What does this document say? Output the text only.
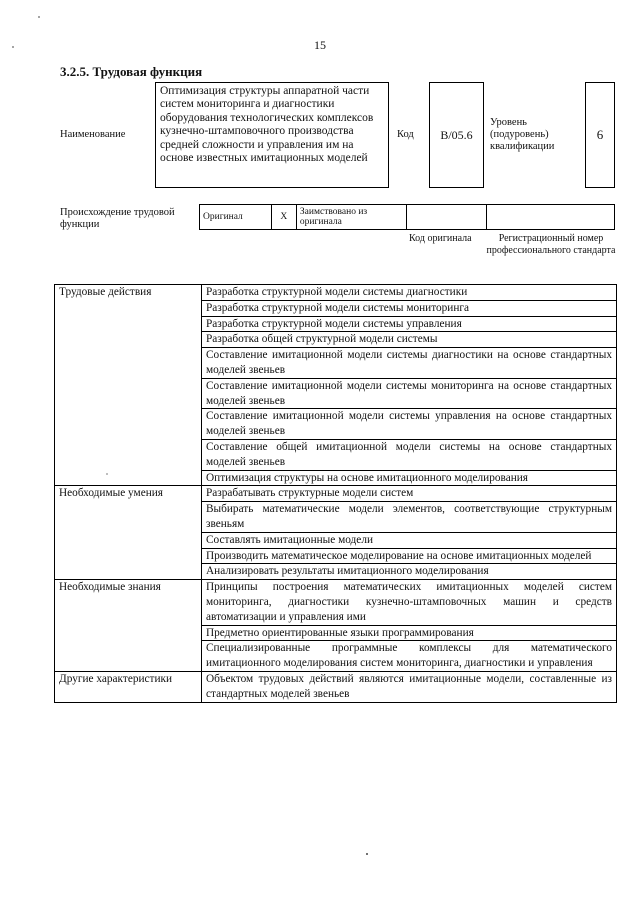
15
3.2.5. Трудовая функция
Наименование
Оптимизация структуры аппаратной части систем мониторинга и диагностики оборудования технологических комплексов кузнечно-штамповочного производства средней сложности и управления им на основе известных имитационных моделей
Код	B/05.6
Уровень
(подуровень)
квалификации
6
Происхождение трудовой функции
Оригинал	X	Заимствовано из оригинала		
Код оригинала	Регистрационный номер профессионального стандарта
Трудовые действия	Разработка структурной модели системы диагностики
	Разработка структурной модели системы мониторинга
	Разработка структурной модели системы управления
	Разработка общей структурной модели системы
	Составление имитационной модели системы диагностики на основе стандартных моделей звеньев
	Составление имитационной модели системы мониторинга на основе стандартных моделей звеньев
	Составление имитационной модели системы управления на основе стандартных моделей звеньев
	Составление общей имитационной модели системы на основе стандартных моделей звеньев
	Оптимизация структуры на основе имитационного моделирования
Необходимые умения	Разрабатывать структурные модели систем
	Выбирать математические модели элементов, соответствующие структурным звеньям
	Составлять имитационные модели
	Производить математическое моделирование на основе имитационных моделей
	Анализировать результаты имитационного моделирования
Необходимые знания	Принципы построения математических имитационных моделей систем мониторинга, диагностики кузнечно-штамповочных машин и средств автоматизации и управления ими
	Предметно ориентированные языки программирования
	Специализированные программные комплексы для математического имитационного моделирования систем мониторинга, диагностики и управления
Другие характеристики	Объектом трудовых действий являются имитационные модели, составленные из стандартных моделей звеньев
